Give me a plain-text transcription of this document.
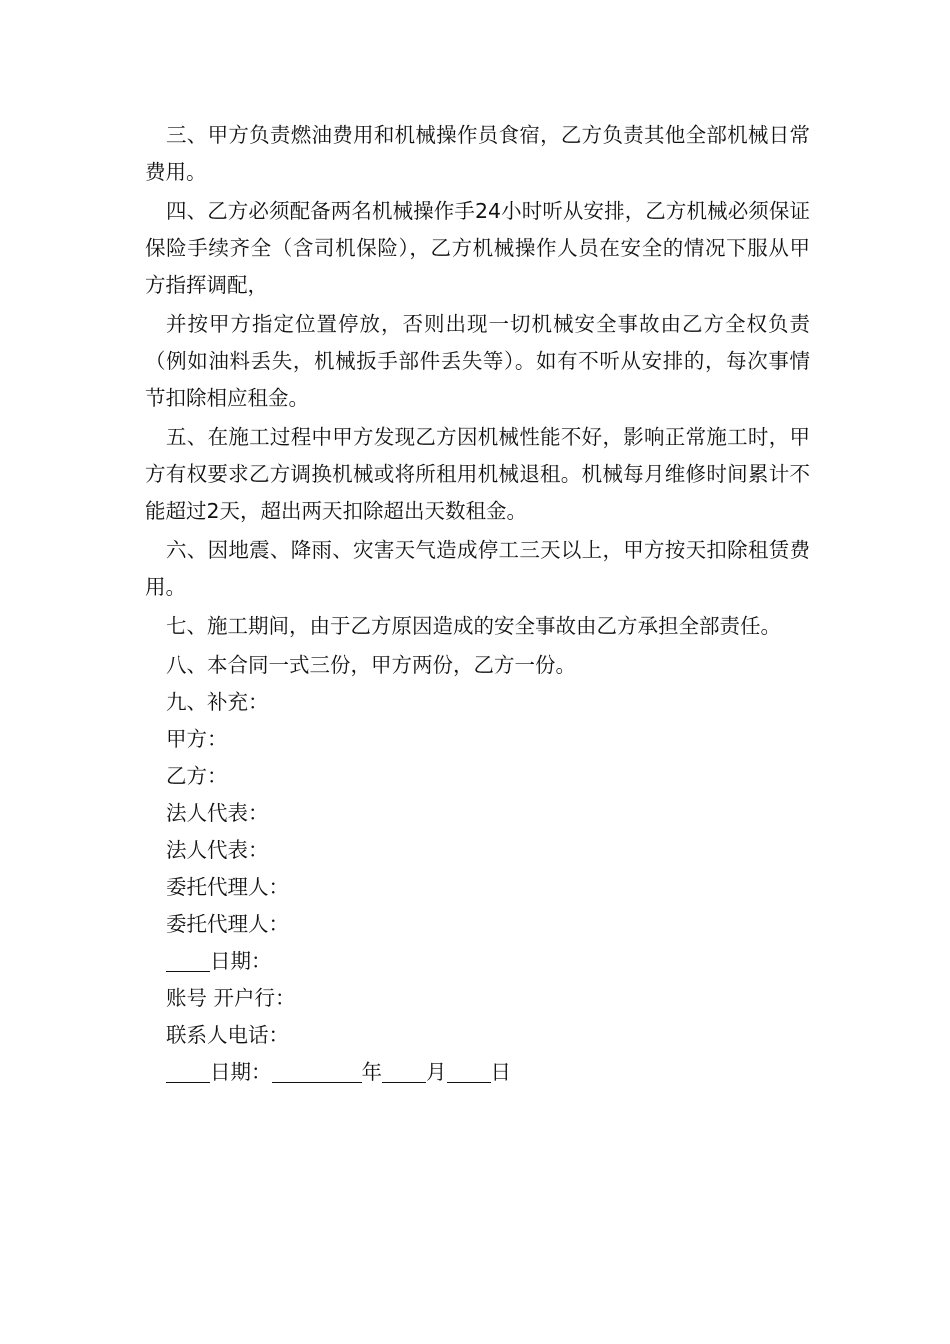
三、甲方负责燃油费用和机械操作员食宿，乙方负责其他全部机械日常费用。

四、乙方必须配备两名机械操作手24小时听从安排，乙方机械必须保证保险手续齐全（含司机保险），乙方机械操作人员在安全的情况下服从甲方指挥调配，

并按甲方指定位置停放，否则出现一切机械安全事故由乙方全权负责（例如油料丢失，机械扳手部件丢失等）。如有不听从安排的，每次事情节扣除相应租金。

五、在施工过程中甲方发现乙方因机械性能不好，影响正常施工时，甲方有权要求乙方调换机械或将所租用机械退租。机械每月维修时间累计不能超过2天，超出两天扣除超出天数租金。

六、因地震、降雨、灾害天气造成停工三天以上，甲方按天扣除租赁费用。

七、施工期间，由于乙方原因造成的安全事故由乙方承担全部责任。

八、本合同一式三份，甲方两份，乙方一份。

九、补充：

甲方：

乙方：

法人代表：

法人代表：

委托代理人：

委托代理人：

日期：

账号 开户行：

联系人电话：

日期：	年 月 日
